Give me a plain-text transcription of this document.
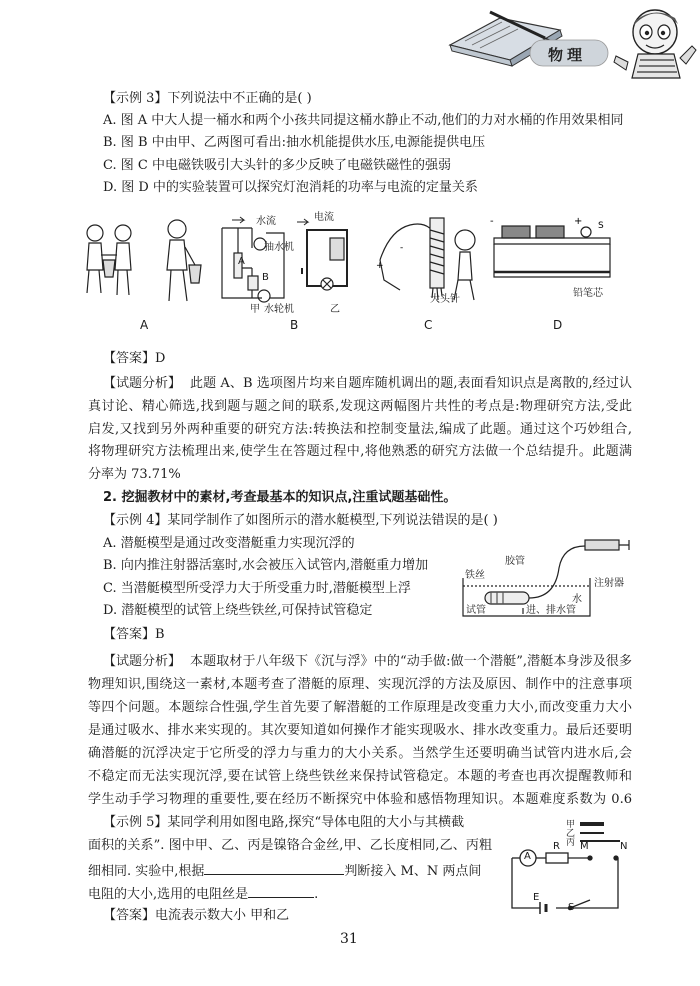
物理
【示例 3】下列说法中不正确的是( )
A. 图 A 中大人提一桶水和两个小孩共同提这桶水静止不动,他们的力对水桶的作用效果相同
B. 图 B 中由甲、乙两图可看出:抽水机能提供水压,电源能提供电压
C. 图 C 中电磁铁吸引大头针的多少反映了电磁铁磁性的强弱
D. 图 D 中的实验装置可以探究灯泡消耗的功率与电流的定量关系
水流	电流
抽水机
A
B
甲 水轮机	乙
+
-
大头针
-	+ S
铅笔芯
A	B	C	D
【答案】D
【试题分析】 此题 A、B 选项图片均来自题库随机调出的题,表面看知识点是离散的,经过认
真讨论、精心筛选,找到题与题之间的联系,发现这两幅图片共性的考点是:物理研究方法,受此
启发,又找到另外两种重要的研究方法:转换法和控制变量法,编成了此题。通过这个巧妙组合,
将物理研究方法梳理出来,使学生在答题过程中,将他熟悉的研究方法做一个总结提升。此题满
分率为 73.71%
2. 挖掘教材中的素材,考查最基本的知识点,注重试题基础性。
【示例 4】某同学制作了如图所示的潜水艇模型,下列说法错误的是( )
A. 潜艇模型是通过改变潜艇重力实现沉浮的
B. 向内推注射器活塞时,水会被压入试管内,潜艇重力增加
C. 当潜艇模型所受浮力大于所受重力时,潜艇模型上浮
D. 潜艇模型的试管上绕些铁丝,可保持试管稳定
胶管
铁丝
注射器
水
试管	进、排水管
【答案】B
【试题分析】 本题取材于八年级下《沉与浮》中的“动手做:做一个潜艇”,潜艇本身涉及很多
物理知识,围绕这一素材,本题考查了潜艇的原理、实现沉浮的方法及原因、制作中的注意事项
等四个问题。本题综合性强,学生首先要了解潜艇的工作原理是改变重力大小,而改变重力大小
是通过吸水、排水来实现的。其次要知道如何操作才能实现吸水、排水改变重力。最后还要明
确潜艇的沉浮决定于它所受的浮力与重力的大小关系。当然学生还要明确当试管内进水后,会
不稳定而无法实现沉浮,要在试管上绕些铁丝来保持试管稳定。本题的考查也再次提醒教师和
学生动手学习物理的重要性,要在经历不断探究中体验和感悟物理知识。本题难度系数为 0.6
【示例 5】某同学利用如图电路,探究“导体电阻的大小与其横截
面积的关系”. 图中甲、乙、丙是镍铬合金丝,甲、乙长度相同,乙、丙粗
细相同. 实验中,根据	判断接入 M、N 两点间
电阻的大小,选用的电阻丝是	.
【答案】电流表示数大小 甲和乙
甲
乙
丙
A
R M	N
E
S
31
